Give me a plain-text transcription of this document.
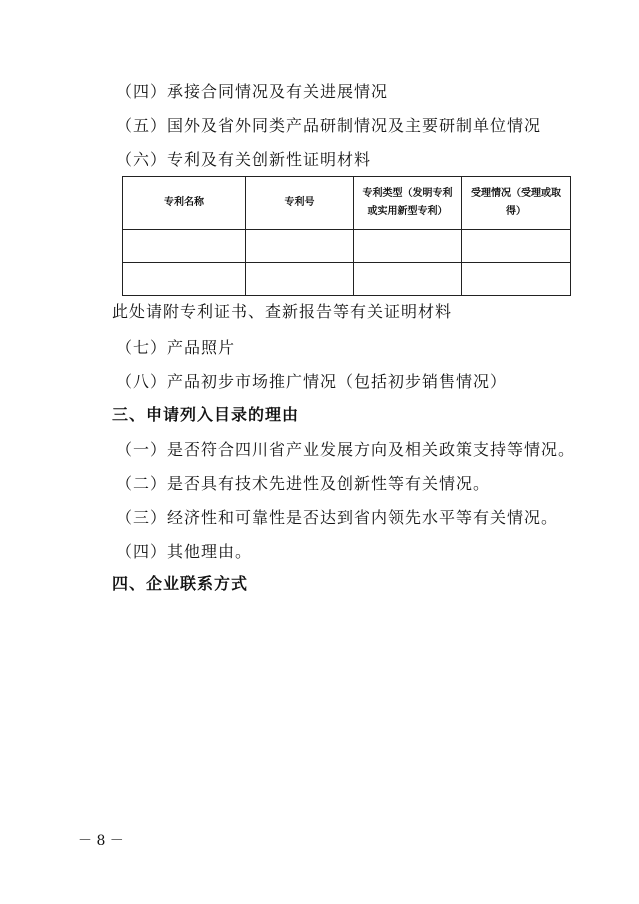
（四）承接合同情况及有关进展情况
（五）国外及省外同类产品研制情况及主要研制单位情况
（六）专利及有关创新性证明材料
专利名称	专利号	专利类型（发明专利或实用新型专利）	受理情况（受理或取得）

此处请附专利证书、查新报告等有关证明材料
（七）产品照片
（八）产品初步市场推广情况（包括初步销售情况）
三、申请列入目录的理由
（一）是否符合四川省产业发展方向及相关政策支持等情况。
（二）是否具有技术先进性及创新性等有关情况。
（三）经济性和可靠性是否达到省内领先水平等有关情况。
（四）其他理由。
四、企业联系方式
－ 8 －
